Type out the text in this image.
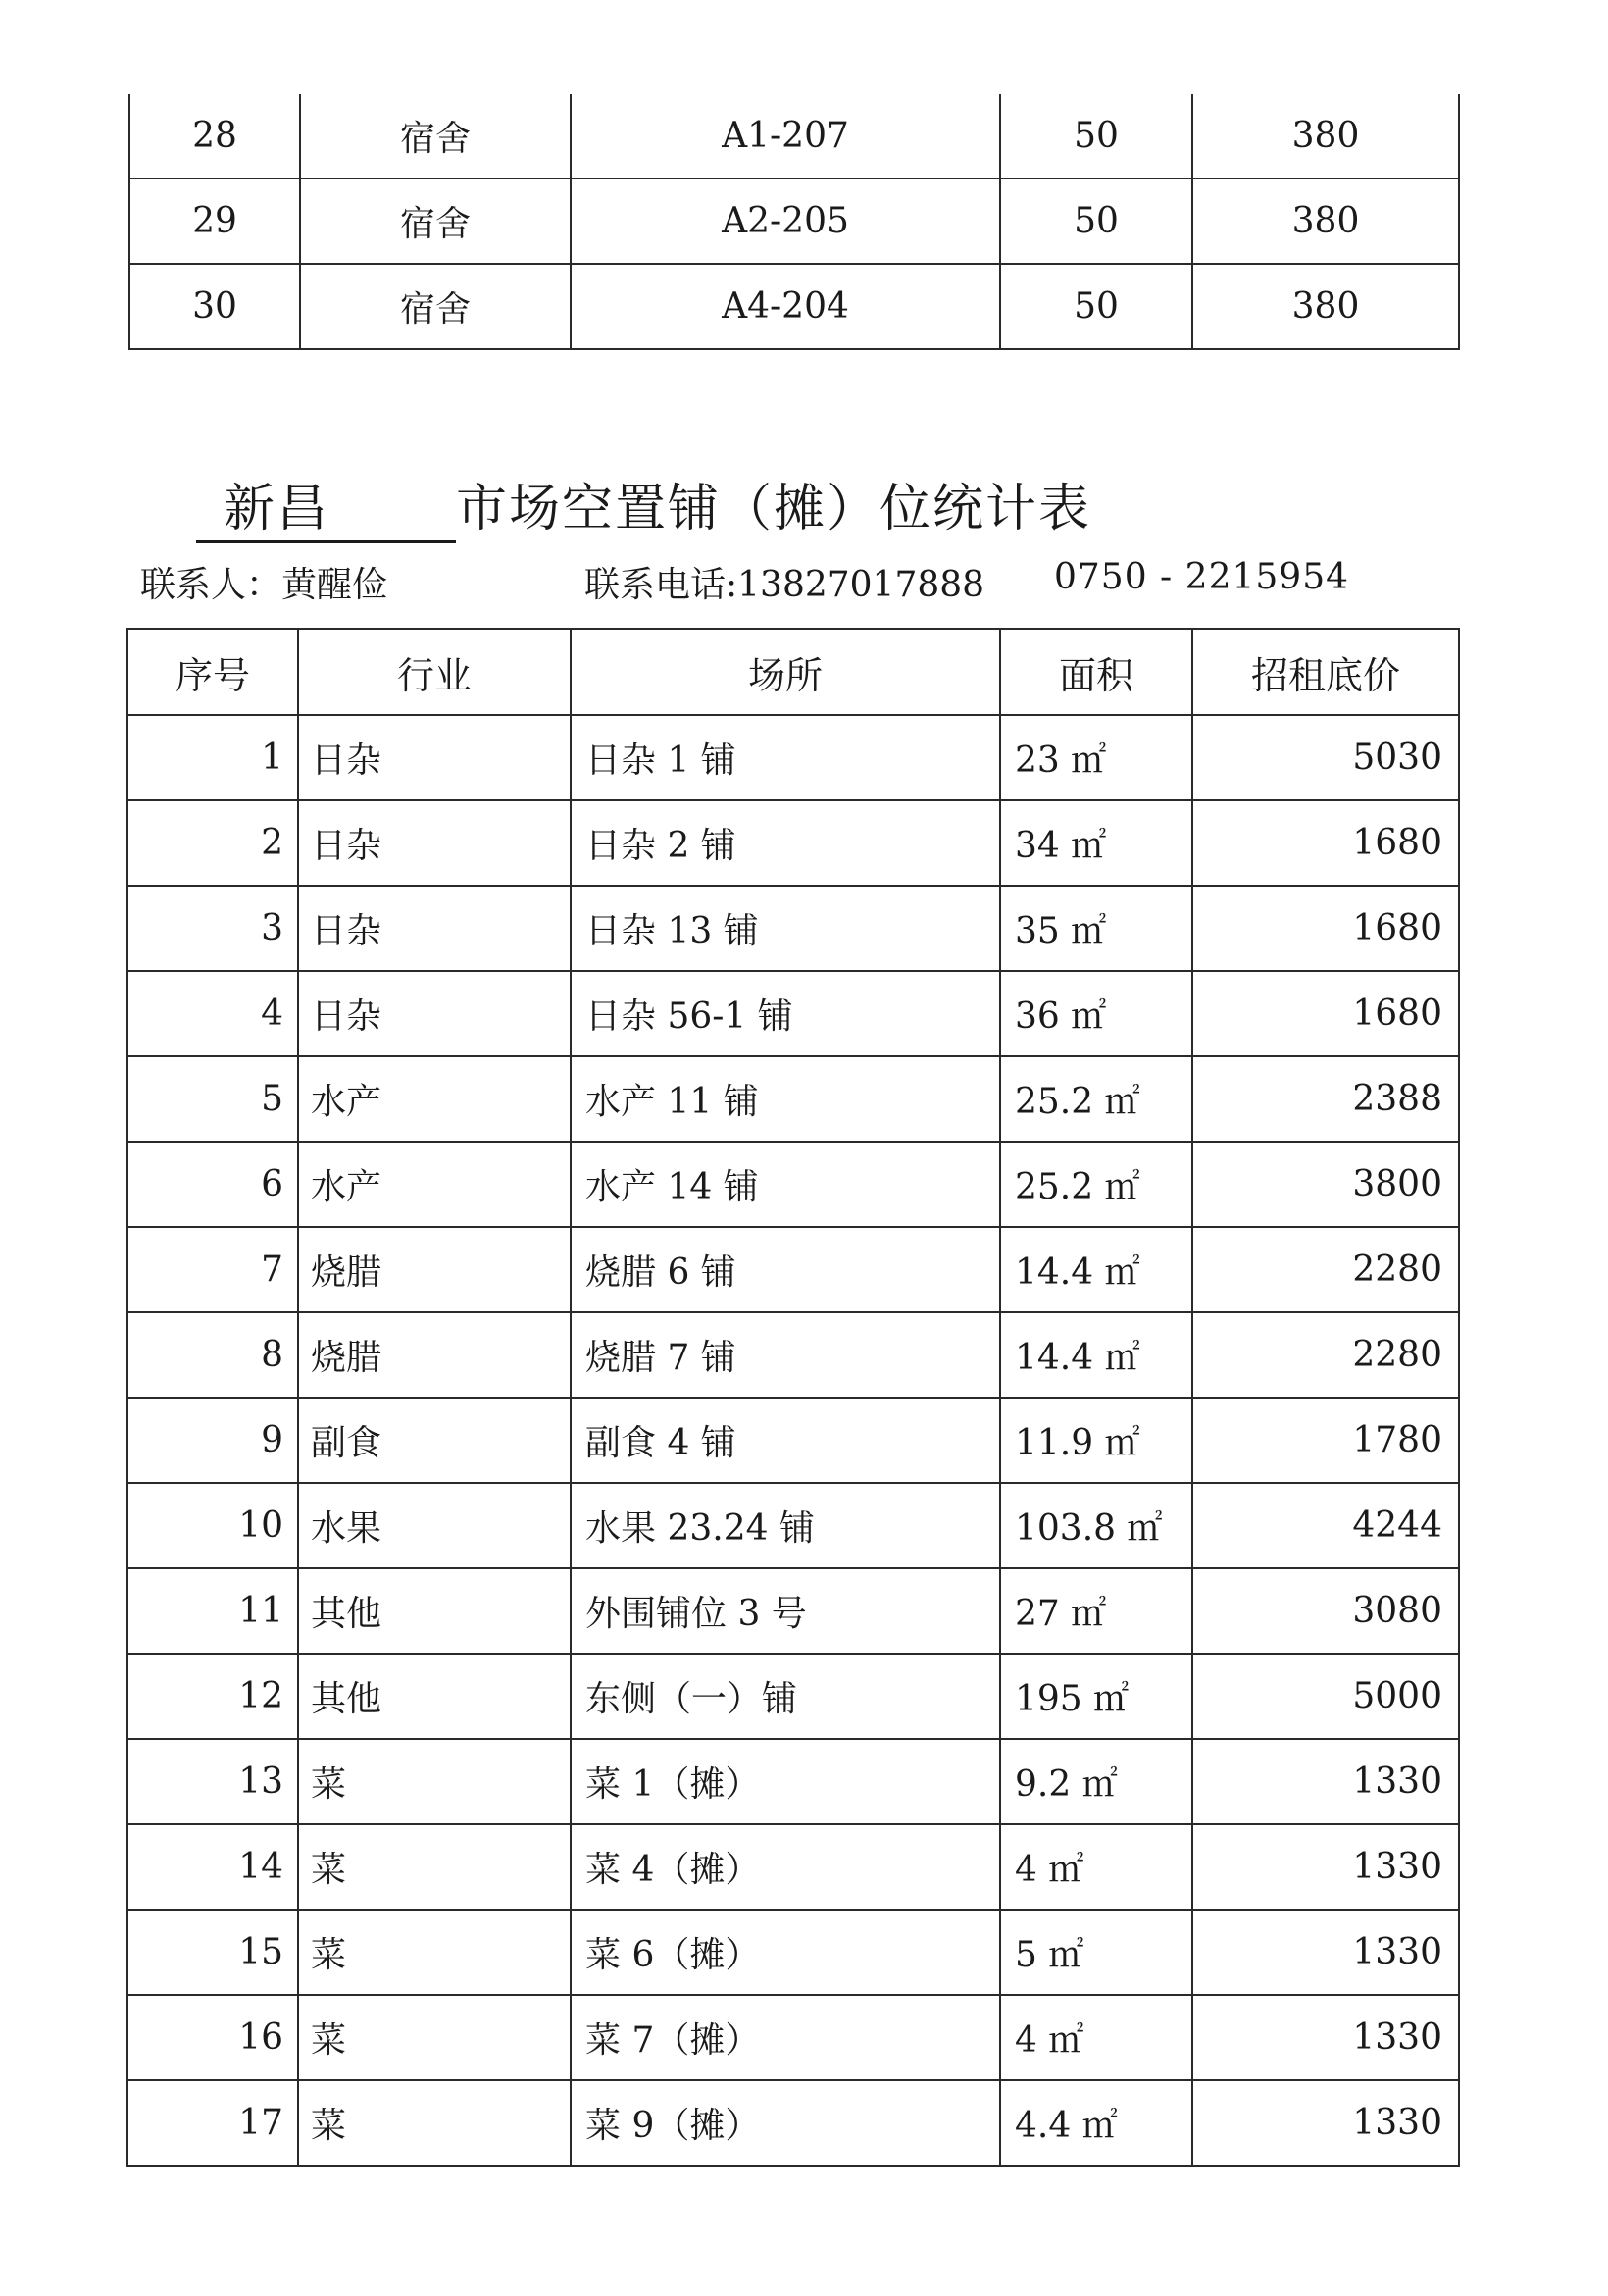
28	宿舍	A1-207	50	380
29	宿舍	A2-205	50	380
30	宿舍	A4-204	50	380
新昌 市场空置铺（摊）位统计表
联系人：黄醒俭	联系电话:13827017888 0750 - 2215954
序号	行业	场所	面积	招租底价
1	日杂	日杂 1 铺	23 ㎡	5030
2	日杂	日杂 2 铺	34 ㎡	1680
3	日杂	日杂 13 铺	35 ㎡	1680
4	日杂	日杂 56-1 铺	36 ㎡	1680
5	水产	水产 11 铺	25.2 ㎡	2388
6	水产	水产 14 铺	25.2 ㎡	3800
7	烧腊	烧腊 6 铺	14.4 ㎡	2280
8	烧腊	烧腊 7 铺	14.4 ㎡	2280
9	副食	副食 4 铺	11.9 ㎡	1780
10	水果	水果 23.24 铺	103.8 ㎡	4244
11	其他	外围铺位 3 号	27 ㎡	3080
12	其他	东侧（一）铺	195 ㎡	5000
13	菜	菜 1（摊）	9.2 ㎡	1330
14	菜	菜 4（摊）	4 ㎡	1330
15	菜	菜 6（摊）	5 ㎡	1330
16	菜	菜 7（摊）	4 ㎡	1330
17	菜	菜 9（摊）	4.4 ㎡	1330
